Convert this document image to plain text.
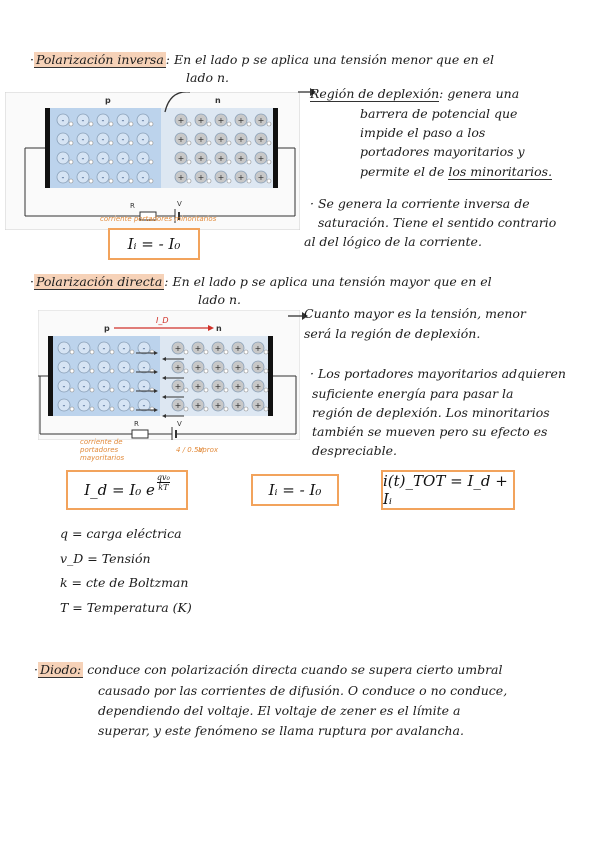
· Polarización inversa : En el lado p se aplica una tensión menor que en el
lado n.
p	n
- - - - -
- - - - -
- - - - -
- - - - -
+ + + + +
+ + + + +
+ + + + +
+ + + + +
R	V
corriente portadores minoritarios
Iᵢ = - I₀
Región de deplexión: genera una
barrera de potencial que
impide el paso a los
portadores mayoritarios y
permite el de los minoritarios.
· Se genera la corriente inversa de
saturación. Tiene el sentido contrario
al del lógico de la corriente.
· Polarización directa : En el lado p se aplica una tensión mayor que en el
lado n.
p	n
I_D
- - - - -
- - - - -
- - - - -
- - - - -
+ + + + +
+ + + + +
+ + + + +
+ + + + +
R	V
corriente de portadores mayoritarios
4 / 0.5V
aprox
Cuanto mayor es la tensión, menor
será la región de deplexión.
· Los portadores mayoritarios adquieren
suficiente energía para pasar la
región de deplexión. Los minoritarios
también se mueven pero su efecto es
despreciable.
I_d = I₀ e $\frac{\text{qv₀}}{kT}$	Iᵢ = - I₀	i(t)_TOT = I_d + Iᵢ
q = carga eléctrica
v_D = Tensión
k = cte de Boltzman
T = Temperatura (K)
· Diodo: conduce con polarización directa cuando se supera cierto umbral
causado por las corrientes de difusión. O conduce o no conduce,
dependiendo del voltaje. El voltaje de zener es el límite a
superar, y este fenómeno se llama ruptura por avalancha.
